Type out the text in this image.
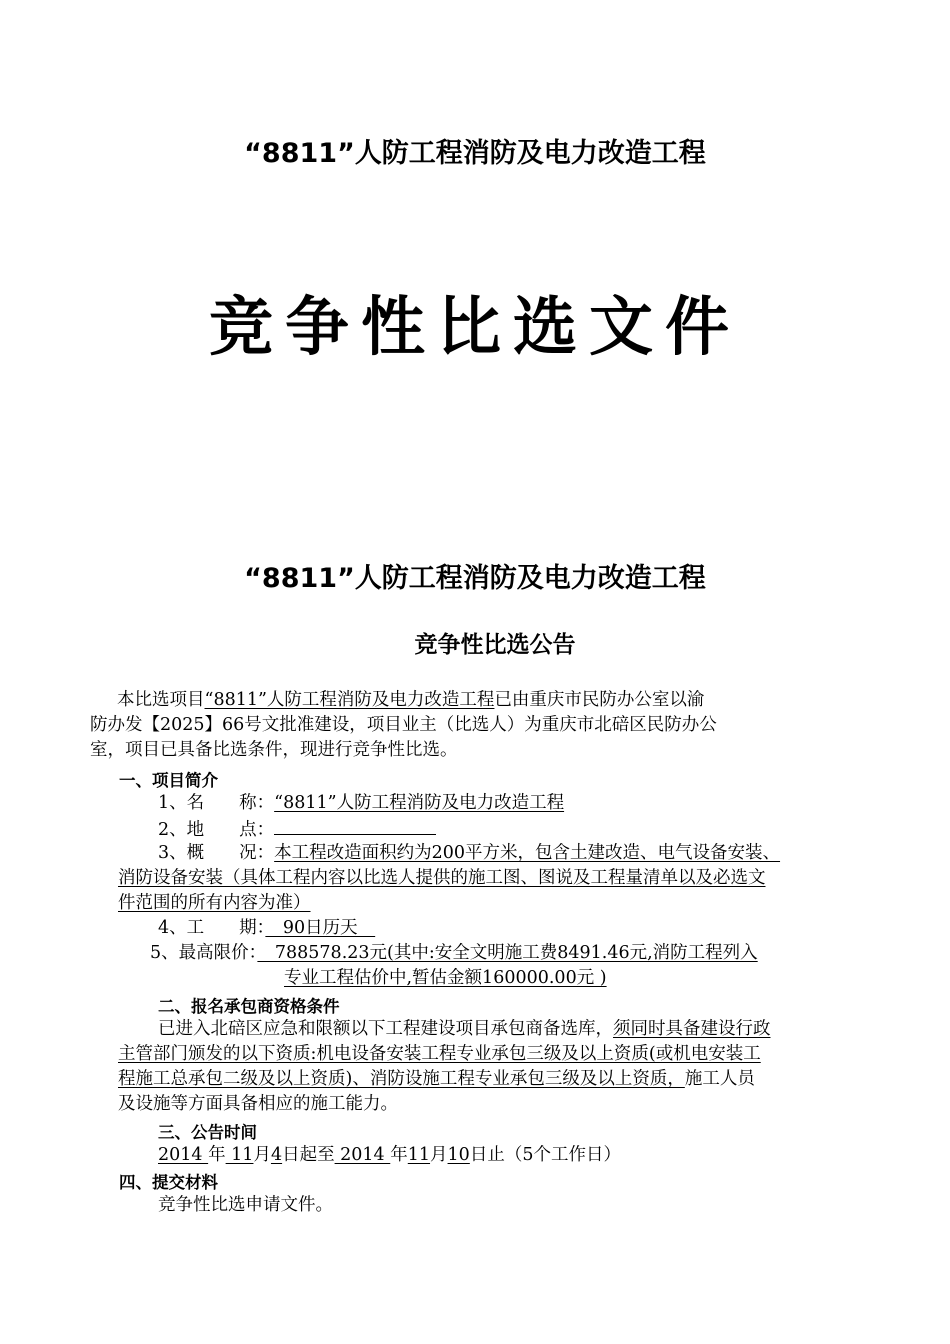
“8811”人防工程消防及电力改造工程
竞争性比选文件
“8811”人防工程消防及电力改造工程
竞争性比选公告
本比选项目“8811”人防工程消防及电力改造工程已由重庆市民防办公室以渝
防办发【2025】66号文批准建设，项目业主（比选人）为重庆市北碚区民防办公
室，项目已具备比选条件，现进行竞争性比选。
一、项目简介
1、名　　称：“8811”人防工程消防及电力改造工程
2、地　　点：
3、概　　况：本工程改造面积约为200平方米，包含土建改造、电气设备安装、
消防设备安装（具体工程内容以比选人提供的施工图、图说及工程量清单以及必选文
件范围的所有内容为准）
4、工　　期：　90日历天　
5、最高限价：　788578.23元(其中:安全文明施工费8491.46元,消防工程列入
专业工程估价中,暂估金额160000.00元 )
二、报名承包商资格条件
已进入北碚区应急和限额以下工程建设项目承包商备选库，须同时具备建设行政
主管部门颁发的以下资质:机电设备安装工程专业承包三级及以上资质(或机电安装工
程施工总承包二级及以上资质)、消防设施工程专业承包三级及以上资质，施工人员
及设施等方面具备相应的施工能力。
三、公告时间
2014 年 11月4日起至 2014 年11月10日止（5个工作日）
四、提交材料
竞争性比选申请文件。
